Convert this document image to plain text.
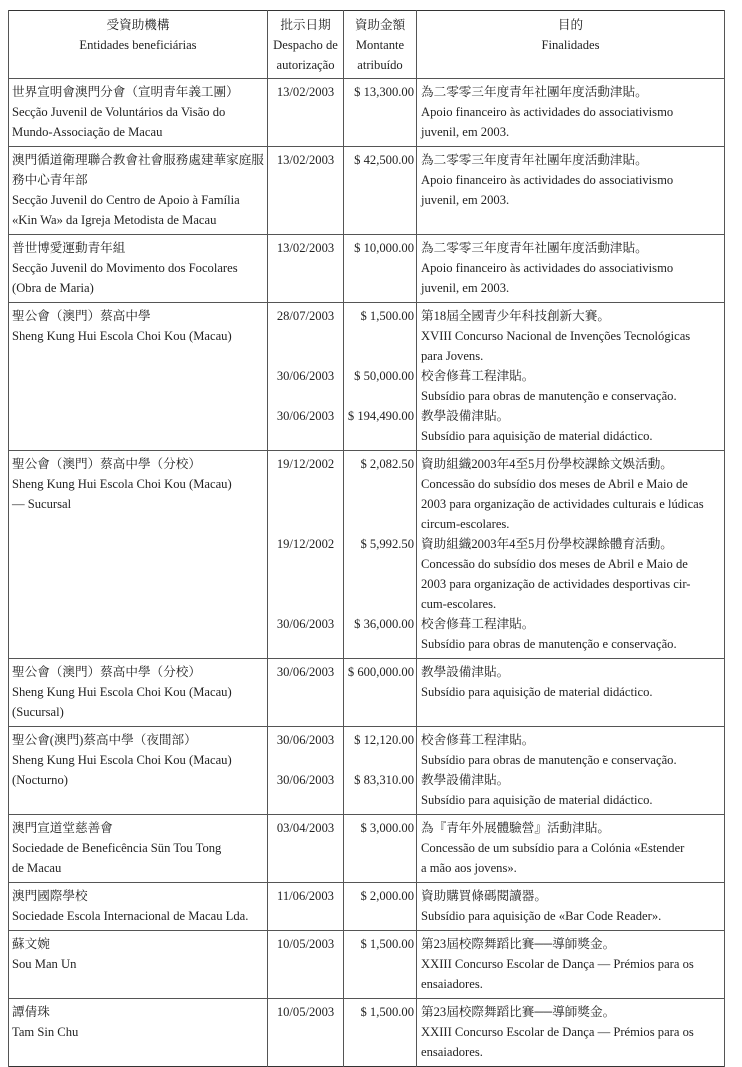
受資助機構
Entidades beneficiárias	批示日期
Despacho de
autorização	資助金額
Montante
atribuído	目的
Finalidades

世界宣明會澳門分會（宣明青年義工團）
Secção Juvenil de Voluntários da Visão do
Mundo-Associação de Macau	13/02/2003	$ 13,300.00	為二零零三年度青年社團年度活動津貼。
Apoio financeiro às actividades do associativismo
juvenil, em 2003.

澳門循道衛理聯合教會社會服務處建華家庭服
務中心青年部
Secção Juvenil do Centro de Apoio à Família
«Kin Wa» da Igreja Metodista de Macau	13/02/2003	$ 42,500.00	為二零零三年度青年社團年度活動津貼。
Apoio financeiro às actividades do associativismo
juvenil, em 2003.

普世博愛運動青年組
Secção Juvenil do Movimento dos Focolares
(Obra de Maria)	13/02/2003	$ 10,000.00	為二零零三年度青年社團年度活動津貼。
Apoio financeiro às actividades do associativismo
juvenil, em 2003.

聖公會（澳門）蔡高中學
Sheng Kung Hui Escola Choi Kou (Macau)	28/07/2003	$ 1,500.00	第18屆全國青少年科技創新大賽。
XVIII Concurso Nacional de Invenções Tecnológicas
para Jovens.

	30/06/2003	$ 50,000.00	校舍修葺工程津貼。
Subsídio para obras de manutenção e conservação.

	30/06/2003	$ 194,490.00	教學設備津貼。
Subsídio para aquisição de material didáctico.

聖公會（澳門）蔡高中學（分校）
Sheng Kung Hui Escola Choi Kou (Macau)
— Sucursal	19/12/2002	$ 2,082.50	資助組織2003年4至5月份學校課餘文娛活動。
Concessão do subsídio dos meses de Abril e Maio de
2003 para organização de actividades culturais e lúdicas
circum-escolares.

	19/12/2002	$ 5,992.50	資助組織2003年4至5月份學校課餘體育活動。
Concessão do subsídio dos meses de Abril e Maio de
2003 para organização de actividades desportivas cir-
cum-escolares.

	30/06/2003	$ 36,000.00	校舍修葺工程津貼。
Subsídio para obras de manutenção e conservação.

聖公會（澳門）蔡高中學（分校）
Sheng Kung Hui Escola Choi Kou (Macau)
(Sucursal)	30/06/2003	$ 600,000.00	教學設備津貼。
Subsídio para aquisição de material didáctico.

聖公會(澳門)蔡高中學（夜間部）
Sheng Kung Hui Escola Choi Kou (Macau)
(Nocturno)	30/06/2003	$ 12,120.00	校舍修葺工程津貼。
Subsídio para obras de manutenção e conservação.

	30/06/2003	$ 83,310.00	教學設備津貼。
Subsídio para aquisição de material didáctico.

澳門宣道堂慈善會
Sociedade de Beneficência Sün Tou Tong
de Macau	03/04/2003	$ 3,000.00	為『青年外展體驗營』活動津貼。
Concessão de um subsídio para a Colónia «Estender
a mão aos jovens».

澳門國際學校
Sociedade Escola Internacional de Macau Lda.	11/06/2003	$ 2,000.00	資助購買條碼閱讀器。
Subsídio para aquisição de «Bar Code Reader».

蘇文婉
Sou Man Un	10/05/2003	$ 1,500.00	第23屆校際舞蹈比賽──導師獎金。
XXIII Concurso Escolar de Dança — Prémios para os
ensaiadores.

譚倩珠
Tam Sin Chu	10/05/2003	$ 1,500.00	第23屆校際舞蹈比賽──導師獎金。
XXIII Concurso Escolar de Dança — Prémios para os
ensaiadores.
